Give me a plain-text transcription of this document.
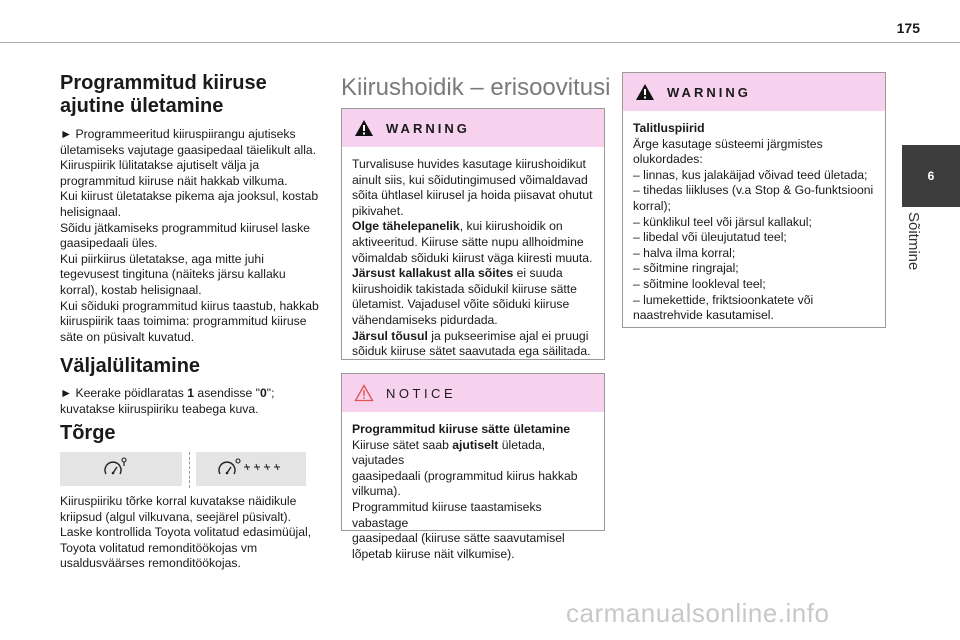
175
6
Sõitmine
Programmitud kiiruse
ajutine ületamine
► Programmeeritud kiiruspiirangu ajutiseks
ületamiseks vajutage gaasipedaal täielikult alla.
Kiiruspiirik lülitatakse ajutiselt välja ja
programmitud kiiruse näit hakkab vilkuma.
Kui kiirust ületatakse pikema aja jooksul, kostab
helisignaal.
Sõidu jätkamiseks programmitud kiirusel laske
gaasipedaali üles.
Kui piirkiirus ületatakse, aga mitte juhi
tegevusest tingituna (näiteks järsu kallaku
korral), kostab helisignaal.
Kui sõiduki programmitud kiirus taastub, hakkab
kiiruspiirik taas toimima: programmitud kiiruse
säte on püsivalt kuvatud.
Väljalülitamine
► Keerake pöidlaratas 1 asendisse "0";
kuvatakse kiiruspiiriku teabega kuva.
Tõrge
Kiiruspiiriku tõrke korral kuvatakse näidikule
kriipsud (algul vilkuvana, seejärel püsivalt).
Laske kontrollida Toyota volitatud edasimüüjal,
Toyota volitatud remonditöökojas vm
usaldusväärses remonditöökojas.
Kiirushoidik – erisoovitusi
WARNING
Turvalisuse huvides kasutage kiirushoidikut
ainult siis, kui sõidutingimused võimaldavad
sõita ühtlasel kiirusel ja hoida piisavat ohutut
pikivahet.
Olge tähelepanelik, kui kiirushoidik on
aktiveeritud. Kiiruse sätte nupu allhoidmine
võimaldab sõiduki kiirust väga kiiresti muuta.
Järsust kallakust alla sõites ei suuda
kiirushoidik takistada sõidukil kiiruse sätte
ületamist. Vajadusel võite sõiduki kiiruse
vähendamiseks pidurdada.
Järsul tõusul ja pukseerimise ajal ei pruugi
sõiduk kiiruse sätet saavutada ega säilitada.
NOTICE
Programmitud kiiruse sätte ületamine
Kiiruse sätet saab ajutiselt ületada, vajutades
gaasipedaali (programmitud kiirus hakkab
vilkuma).
Programmitud kiiruse taastamiseks vabastage
gaasipedaal (kiiruse sätte saavutamisel
lõpetab kiiruse näit vilkumise).
WARNING
Talitluspiirid
Ärge kasutage süsteemi järgmistes
olukordades:
– linnas, kus jalakäijad võivad teed ületada;
– tihedas liikluses (v.a Stop & Go-funktsiooni
korral);
– künklikul teel või järsul kallakul;
– libedal või üleujutatud teel;
– halva ilma korral;
– sõitmine ringrajal;
– sõitmine lookleval teel;
– lumekettide, friktsioonkatete või
naastrehvide kasutamisel.
carmanualsonline.info
